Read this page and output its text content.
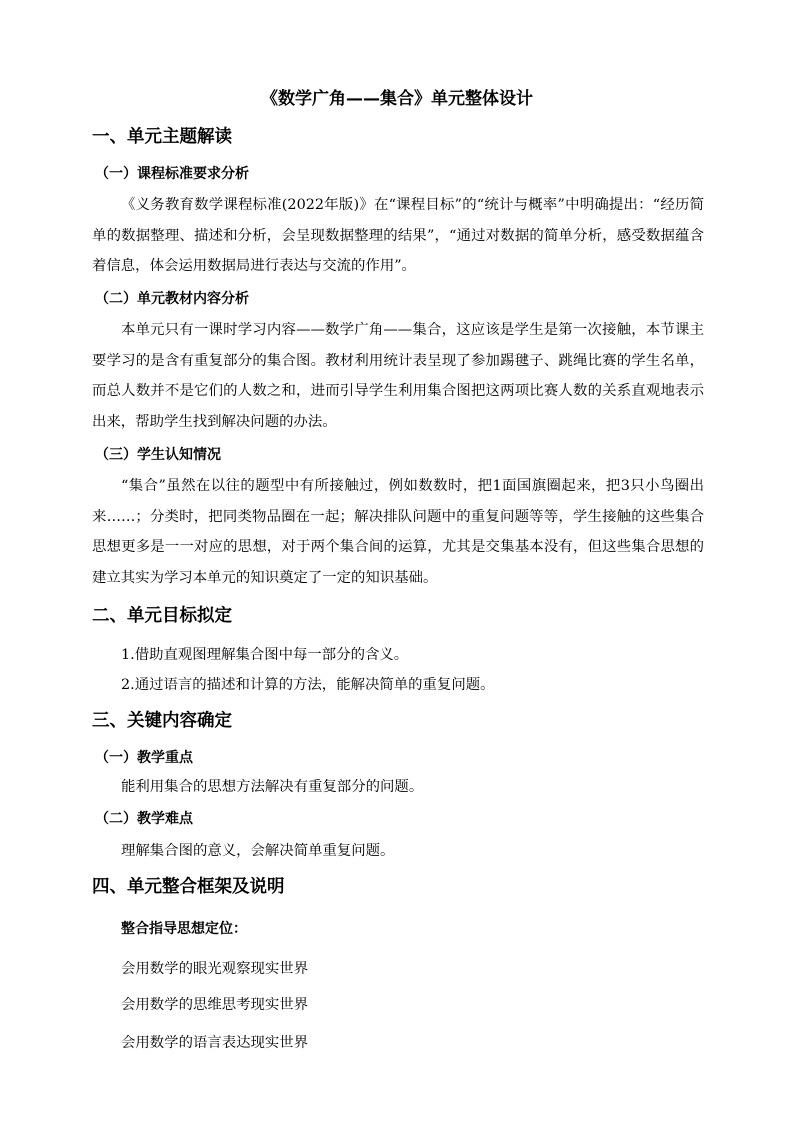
《数学广角——集合》单元整体设计
一、单元主题解读
（一）课程标准要求分析
《义务教育数学课程标准(2022年版)》在“课程目标”的“统计与概率”中明确提出：“经历简单的数据整理、描述和分析，会呈现数据整理的结果”，“通过对数据的简单分析，感受数据蕴含着信息，体会运用数据局进行表达与交流的作用”。
（二）单元教材内容分析
本单元只有一课时学习内容——数学广角——集合，这应该是学生是第一次接触，本节课主要学习的是含有重复部分的集合图。教材利用统计表呈现了参加踢毽子、跳绳比赛的学生名单，而总人数并不是它们的人数之和，进而引导学生利用集合图把这两项比赛人数的关系直观地表示出来，帮助学生找到解决问题的办法。
（三）学生认知情况
“集合”虽然在以往的题型中有所接触过，例如数数时，把1面国旗圈起来，把3只小鸟圈出来……；分类时，把同类物品圈在一起；解决排队问题中的重复问题等等，学生接触的这些集合思想更多是一一对应的思想，对于两个集合间的运算，尤其是交集基本没有，但这些集合思想的建立其实为学习本单元的知识奠定了一定的知识基础。
二、单元目标拟定
1.借助直观图理解集合图中每一部分的含义。
2.通过语言的描述和计算的方法，能解决简单的重复问题。
三、关键内容确定
（一）教学重点
能利用集合的思想方法解决有重复部分的问题。
（二）教学难点
理解集合图的意义，会解决简单重复问题。
四、单元整合框架及说明
整合指导思想定位：
会用数学的眼光观察现实世界
会用数学的思维思考现实世界
会用数学的语言表达现实世界
